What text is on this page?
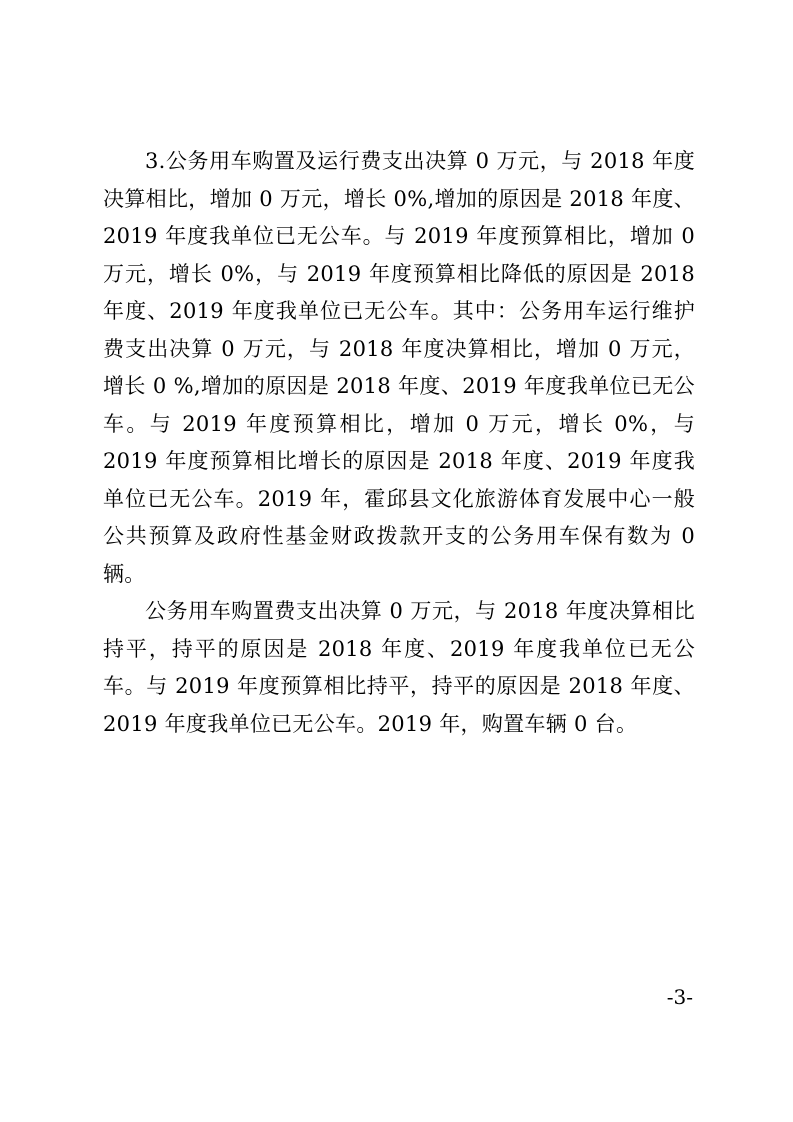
3.公务用车购置及运行费支出决算 0 万元，与 2018 年度决算相比，增加 0 万元，增长 0%,增加的原因是 2018 年度、2019 年度我单位已无公车。与 2019 年度预算相比，增加 0 万元，增长 0%，与 2019 年度预算相比降低的原因是 2018 年度、2019 年度我单位已无公车。其中：公务用车运行维护费支出决算 0 万元，与 2018 年度决算相比，增加 0 万元，增长 0 %,增加的原因是 2018 年度、2019 年度我单位已无公车。与 2019 年度预算相比，增加 0 万元，增长 0%，与 2019 年度预算相比增长的原因是 2018 年度、2019 年度我单位已无公车。2019 年，霍邱县文化旅游体育发展中心一般公共预算及政府性基金财政拨款开支的公务用车保有数为 0 辆。

公务用车购置费支出决算 0 万元，与 2018 年度决算相比持平，持平的原因是 2018 年度、2019 年度我单位已无公车。与 2019 年度预算相比持平，持平的原因是 2018 年度、2019 年度我单位已无公车。2019 年，购置车辆 0 台。

-3-
